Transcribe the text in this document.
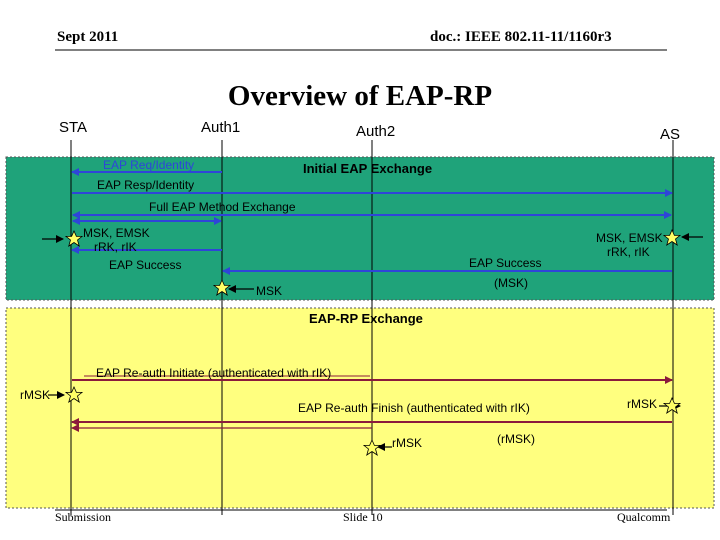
Sept 2011	doc.: IEEE 802.11-11/1160r3
Overview of EAP-RP
STA	Auth1	Auth2	AS
EAP Req/Identity	Initial EAP Exchange
EAP Resp/Identity
Full EAP Method Exchange
MSK, EMSK
rRK, rIK
EAP Success	EAP Success
(MSK)
MSK
MSK, EMSK
rRK, rIK
EAP-RP Exchange
EAP Re-auth Initiate (authenticated with rIK)
rMSK
EAP Re-auth Finish (authenticated with rIK)	rMSK
rMSK	(rMSK)
Submission	Slide 10	Qualcomm
